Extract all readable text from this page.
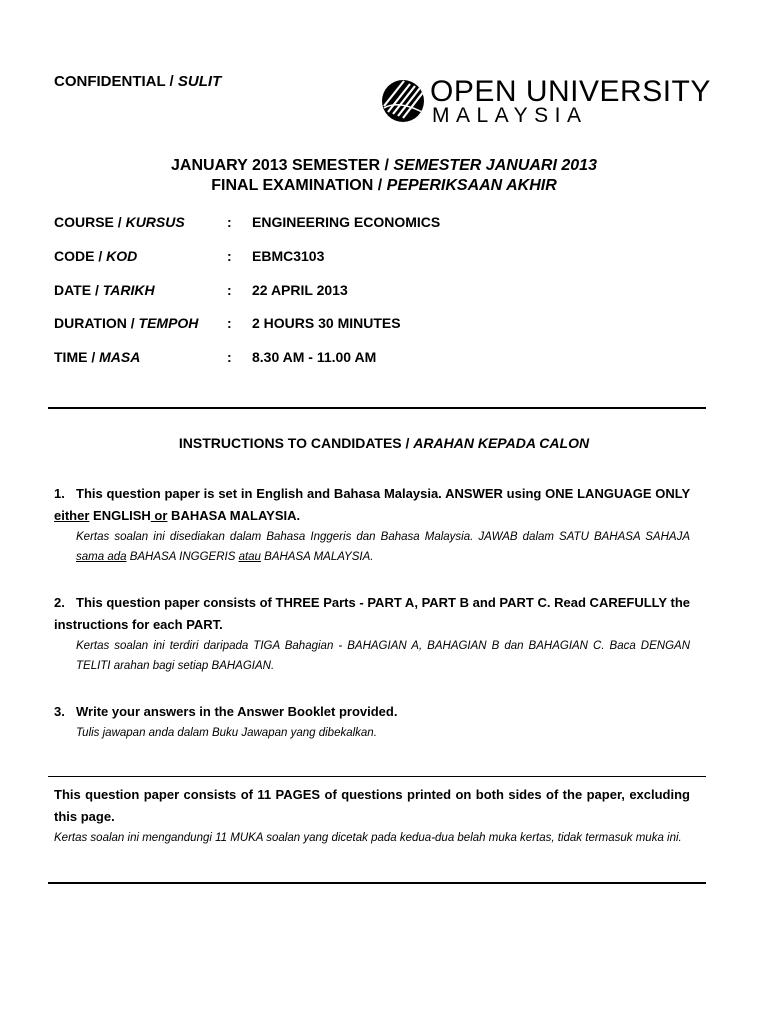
CONFIDENTIAL / SULIT	OPEN UNIVERSITY
MALAYSIA
JANUARY 2013 SEMESTER / SEMESTER JANUARI 2013
FINAL EXAMINATION / PEPERIKSAAN AKHIR
COURSE / KURSUS	: ENGINEERING ECONOMICS
CODE / KOD	: EBMC3103
DATE / TARIKH	: 22 APRIL 2013
DURATION / TEMPOH : 2 HOURS 30 MINUTES
TIME / MASA	: 8.30 AM - 11.00 AM
INSTRUCTIONS TO CANDIDATES / ARAHAN KEPADA CALON
1. This question paper is set in English and Bahasa Malaysia. ANSWER using ONE LANGUAGE ONLY either ENGLISH or BAHASA MALAYSIA.
Kertas soalan ini disediakan dalam Bahasa Inggeris dan Bahasa Malaysia. JAWAB dalam SATU BAHASA SAHAJA sama ada BAHASA INGGERIS atau BAHASA MALAYSIA.
2. This question paper consists of THREE Parts - PART A, PART B and PART C. Read CAREFULLY the instructions for each PART.
Kertas soalan ini terdiri daripada TIGA Bahagian - BAHAGIAN A, BAHAGIAN B dan BAHAGIAN C. Baca DENGAN TELITI arahan bagi setiap BAHAGIAN.
3. Write your answers in the Answer Booklet provided.
Tulis jawapan anda dalam Buku Jawapan yang dibekalkan.
This question paper consists of 11 PAGES of questions printed on both sides of the paper, excluding this page.
Kertas soalan ini mengandungi 11 MUKA soalan yang dicetak pada kedua-dua belah muka kertas, tidak termasuk muka ini.
